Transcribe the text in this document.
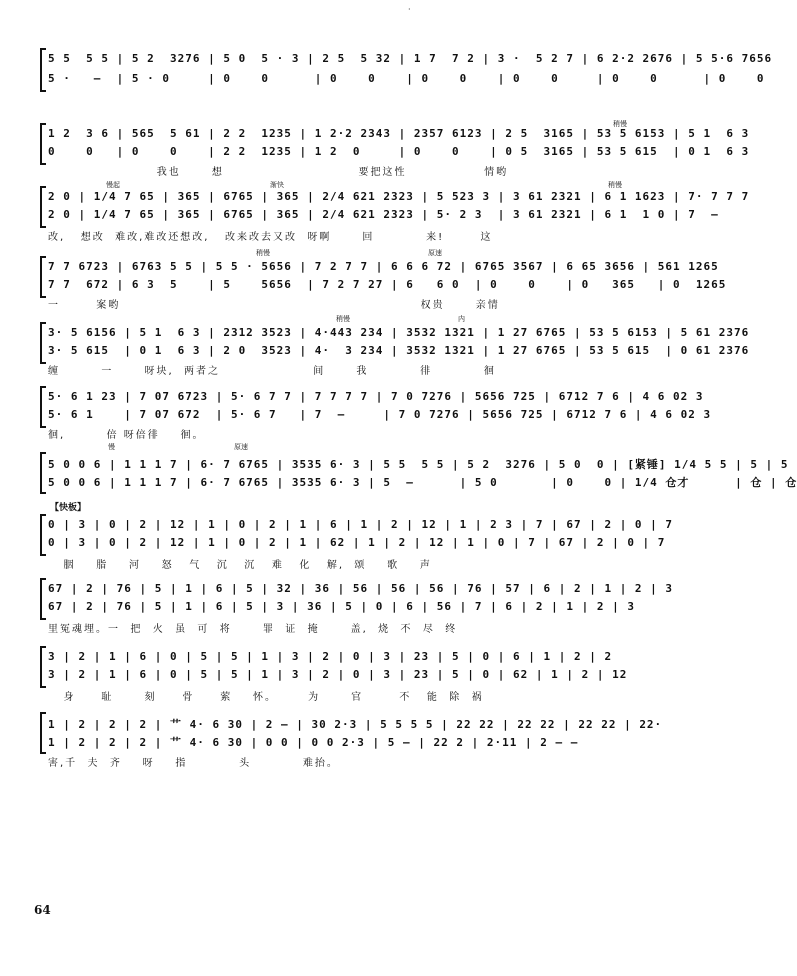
·
5 5  5 5 | 5 2  3276 | 5 0  5 · 3 | 2 5  5 32 | 1 7  7 2 | 3 ·  5 2 7 | 6 2·2 2676 | 5 5·6 7656
5 ·   —  | 5 · 0     | 0    0      | 0    0    | 0    0    | 0    0     | 0    0      | 0    0
稍慢
1 2  3 6 | 565  5 61 | 2 2  1235 | 1 2·2 2343 | 2357 6123 | 2 5  3165 | 53 5 6153 | 5 1  6 3
0    0   | 0    0    | 2 2  1235 | 1 2  0     | 0    0    | 0 5  3165 | 53 5 615  | 0 1  6 3
我也      想                          要把这性               情哟
慢起	渐快	稍慢
2 0 | 1/4 7 65 | 365 | 6765 | 365 | 2/4 621 2323 | 5 523 3 | 3 61 2321 | 6 1 1623 | 7· 7 7 7
2 0 | 1/4 7 65 | 365 | 6765 | 365 | 2/4 621 2323 | 5· 2 3  | 3 61 2321 | 6 1  1 0 | 7  —
改,   想改  难改,难改还想改,   改来改去又改  呀啊      回          来!       这
稍慢	原速
7 7 6723 | 6763 5 5 | 5 5 · 5656 | 7 2 7 7 | 6 6 6 72 | 6765 3567 | 6 65 3656 | 561 1265
7 7  672 | 6 3  5    | 5    5656  | 7 2 7 27 | 6   6 0  | 0    0    | 0   365   | 0  1265
一       案哟                                                          权贵      亲情
稍慢	内
3· 5 6156 | 5 1  6 3 | 2312 3523 | 4·443 234 | 3532 1321 | 1 27 6765 | 53 5 6153 | 5 61 2376
3· 5 615  | 0 1  6 3 | 2 0  3523 | 4·  3 234 | 3532 1321 | 1 27 6765 | 53 5 615  | 0 61 2376
缠        一      呀块,  两者之                  间      我          徘          徊
5· 6 1 23 | 7 07 6723 | 5· 6 7 7 | 7 7 7 7 | 7 0 7276 | 5656 725 | 6712 7 6 | 4 6 02 3
5· 6 1    | 7 07 672  | 5· 6 7   | 7  —     | 7 0 7276 | 5656 725 | 6712 7 6 | 4 6 02 3
徊,        倍 呀倍徘    徊。
慢	原速
5 0 0 6 | 1 1 1 7 | 6· 7 6765 | 3535 6· 3 | 5 5  5 5 | 5 2  3276 | 5 0  0 | [紧锤] 1/4 5 5 | 5 | 5
5 0 0 6 | 1 1 1 7 | 6· 7 6765 | 3535 6· 3 | 5  —      | 5 0       | 0    0 | 1/4 仓才      | 仓 | 仓
【快板】
0 | 3 | 0 | 2 | 12 | 1 | 0 | 2 | 1 | 6 | 1 | 2 | 12 | 1 | 2 3 | 7 | 67 | 2 | 0 | 7
0 | 3 | 0 | 2 | 12 | 1 | 0 | 2 | 1 | 62 | 1 | 2 | 12 | 1 | 0 | 7 | 67 | 2 | 0 | 7
胭    脂    河    怒   气   沉   沉   难   化   解,  颂    歌    声
67 | 2 | 76 | 5 | 1 | 6 | 5 | 32 | 36 | 56 | 56 | 56 | 76 | 57 | 6 | 2 | 1 | 2 | 3
67 | 2 | 76 | 5 | 1 | 6 | 5 | 3 | 36 | 5 | 0 | 6 | 56 | 7 | 6 | 2 | 1 | 2 | 3
里冤魂埋。一  把  火  虽  可  将      罪  证  掩      盖,  烧  不  尽  终
3 | 2 | 1 | 6 | 0 | 5 | 5 | 1 | 3 | 2 | 0 | 3 | 23 | 5 | 0 | 6 | 1 | 2 | 2
3 | 2 | 1 | 6 | 0 | 5 | 5 | 1 | 3 | 2 | 0 | 3 | 23 | 5 | 0 | 62 | 1 | 2 | 12
身     耻      刻     骨     萦    怀。      为      官       不   能  除  祸
1 | 2 | 2 | 2 | 艹 4· 6 30 | 2 — | 30 2·3 | 5 5 5 5 | 22 22 | 22 22 | 22 22 | 22·
1 | 2 | 2 | 2 | 艹 4· 6 30 | 0 0 | 0 0 2·3 | 5 — | 22 2 | 2·11 | 2 — —
害,千  夫  齐    呀    指          头          难抬。
64
